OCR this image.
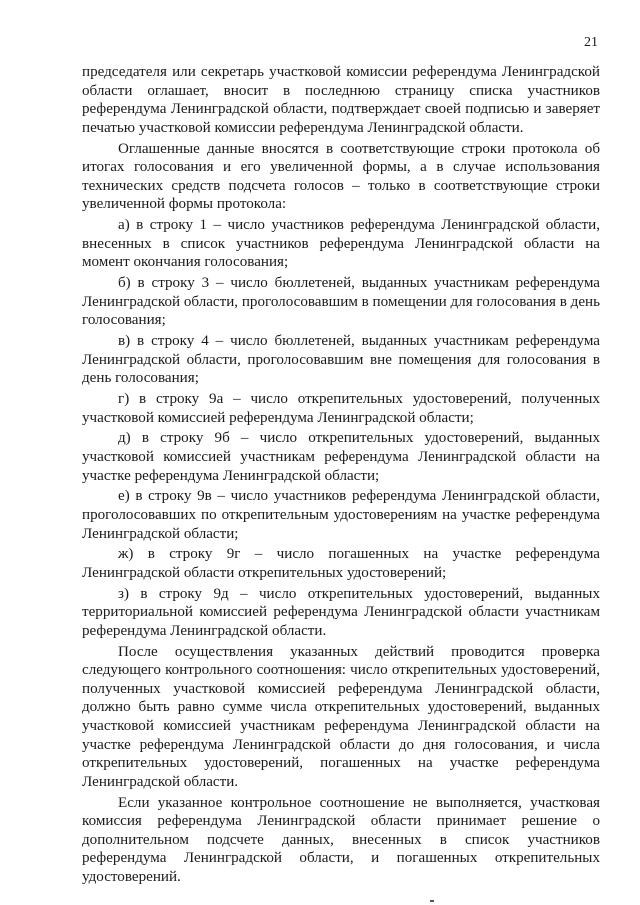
21

председателя или секретарь участковой комиссии референдума Ленинградской области оглашает, вносит в последнюю страницу списка участников референдума Ленинградской области, подтверждает своей подписью и заверяет печатью участковой комиссии референдума Ленинградской области.

Оглашенные данные вносятся в соответствующие строки протокола об итогах голосования и его увеличенной формы, а в случае использования технических средств подсчета голосов – только в соответствующие строки увеличенной формы протокола:

а) в строку 1 – число участников референдума Ленинградской области, внесенных в список участников референдума Ленинградской области на момент окончания голосования;

б) в строку 3 – число бюллетеней, выданных участникам референдума Ленинградской области, проголосовавшим в помещении для голосования в день голосования;

в) в строку 4 – число бюллетеней, выданных участникам референдума Ленинградской области, проголосовавшим вне помещения для голосования в день голосования;

г) в строку 9а – число открепительных удостоверений, полученных участковой комиссией референдума Ленинградской области;

д) в строку 9б – число открепительных удостоверений, выданных участковой комиссией участникам референдума Ленинградской области на участке референдума Ленинградской области;

е) в строку 9в – число участников референдума Ленинградской области, проголосовавших по открепительным удостоверениям на участке референдума Ленинградской области;

ж) в строку 9г – число погашенных на участке референдума Ленинградской области открепительных удостоверений;

з) в строку 9д – число открепительных удостоверений, выданных территориальной комиссией референдума Ленинградской области участникам референдума Ленинградской области.

После осуществления указанных действий проводится проверка следующего контрольного соотношения: число открепительных удостоверений, полученных участковой комиссией референдума Ленинградской области, должно быть равно сумме числа открепительных удостоверений, выданных участковой комиссией участникам референдума Ленинградской области на участке референдума Ленинградской области до дня голосования, и числа открепительных удостоверений, погашенных на участке референдума Ленинградской области.

Если указанное контрольное соотношение не выполняется, участковая комиссия референдума Ленинградской области принимает решение о дополнительном подсчете данных, внесенных в список участников референдума Ленинградской области, и погашенных открепительных удостоверений.
